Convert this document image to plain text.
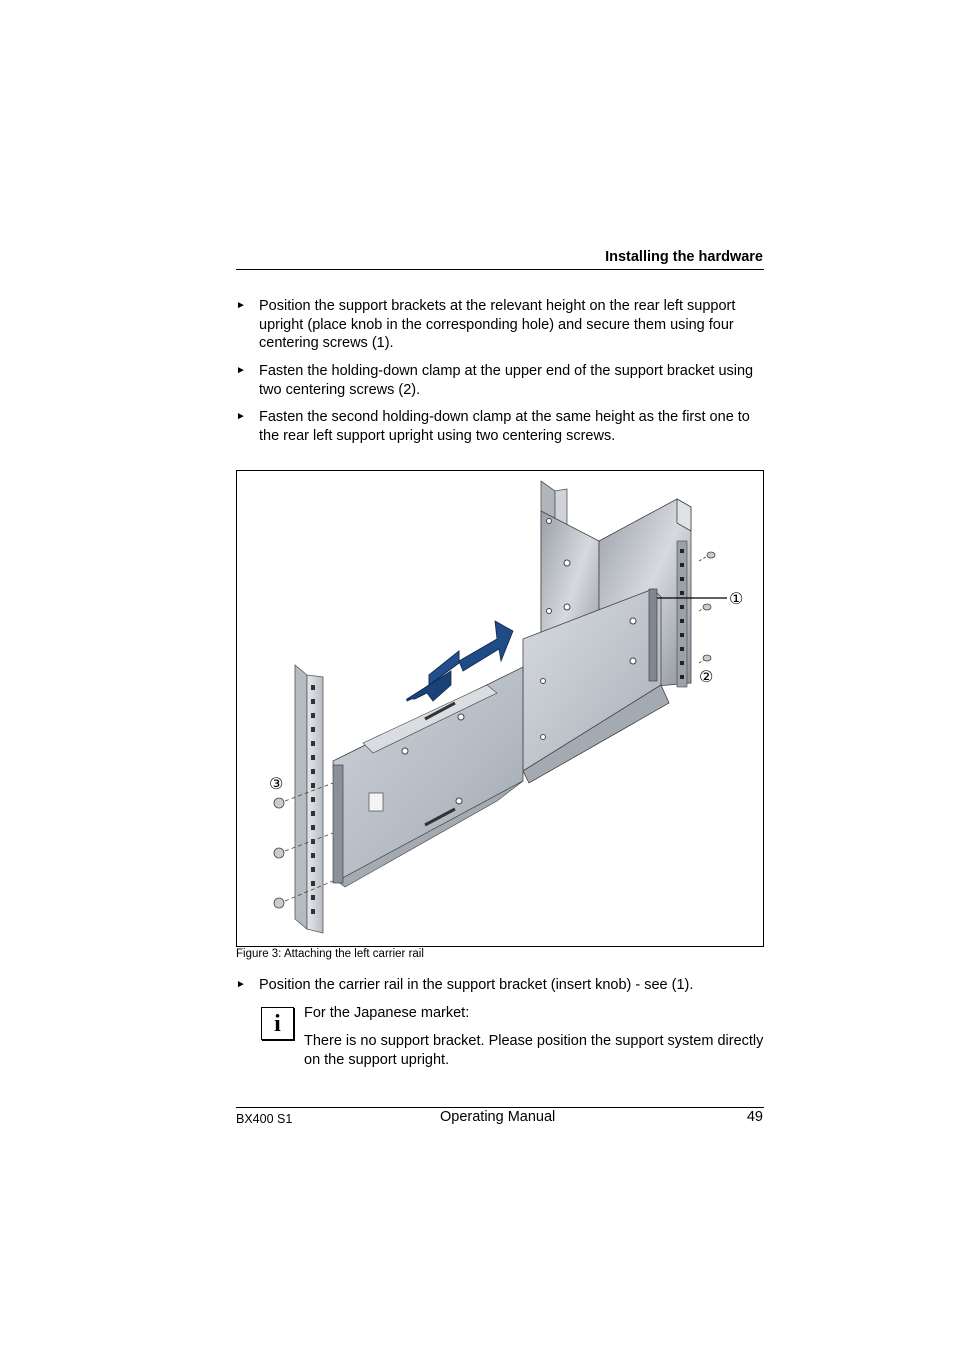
Installing the hardware
► Position the support brackets at the relevant height on the rear left support upright (place knob in the corresponding hole) and secure them using four centering screws (1).
► Fasten the holding-down clamp at the upper end of the support bracket using two centering screws (2).
► Fasten the second holding-down clamp at the same height as the first one to the rear left support upright using two centering screws.
①
②
③
Figure 3: Attaching the left carrier rail
► Position the carrier rail in the support bracket (insert knob) - see (1).
i	For the Japanese market:
There is no support bracket. Please position the support system directly on the support upright.
BX400 S1	Operating Manual	49
